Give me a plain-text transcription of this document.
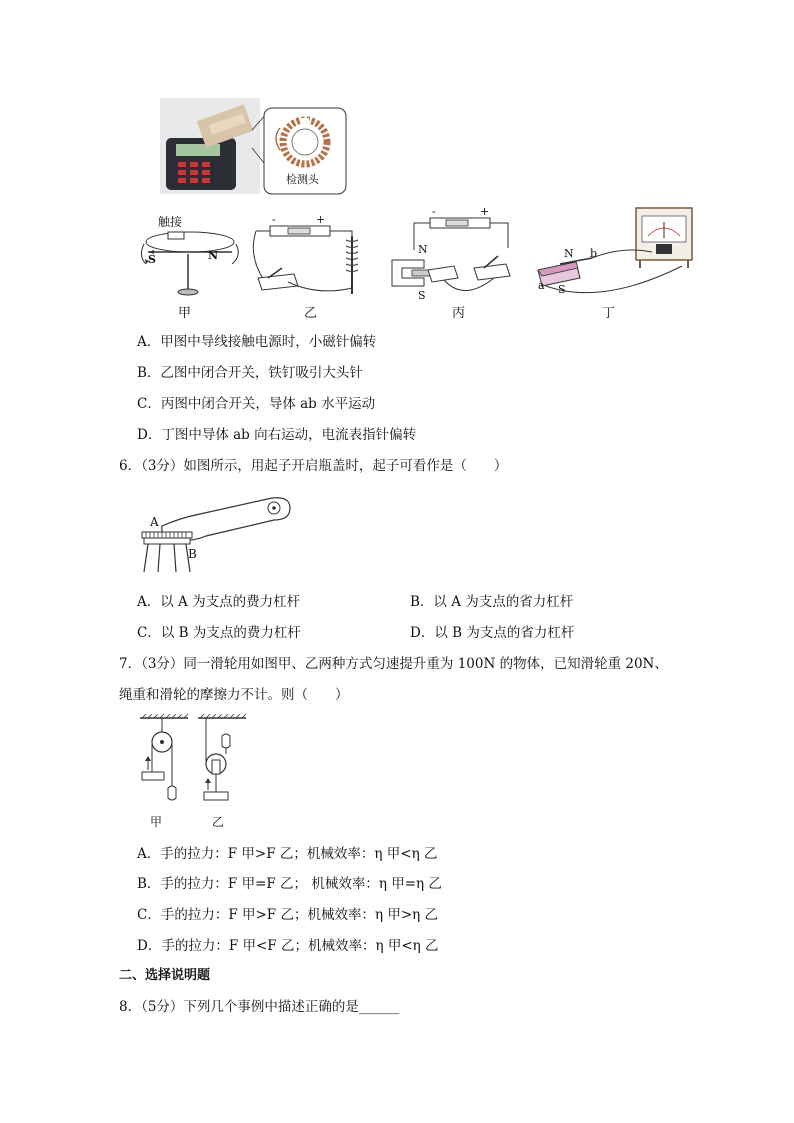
检测头
触接
S	N
甲
-	+
乙
-	+
N
S
丙
N b
a S
丁
A．甲图中导线接触电源时，小磁针偏转
B．乙图中闭合开关，铁钉吸引大头针
C．丙图中闭合开关，导体 ab 水平运动
D．丁图中导体 ab 向右运动，电流表指针偏转
6．（3分）如图所示，用起子开启瓶盖时，起子可看作是（　　）
A
B
A．以 A 为支点的费力杠杆	B．以 A 为支点的省力杠杆
C．以 B 为支点的费力杠杆	D．以 B 为支点的省力杠杆
7．（3分）同一滑轮用如图甲、乙两种方式匀速提升重为 100N 的物体，已知滑轮重 20N、
绳重和滑轮的摩擦力不计。则（　　）
甲	乙
A．手的拉力：F 甲>F 乙；机械效率：η 甲<η 乙
B．手的拉力：F 甲=F 乙； 机械效率：η 甲=η 乙
C．手的拉力：F 甲>F 乙；机械效率：η 甲>η 乙
D．手的拉力：F 甲<F 乙；机械效率：η 甲<η 乙
二、选择说明题
8．（5分）下列几个事例中描述正确的是______
